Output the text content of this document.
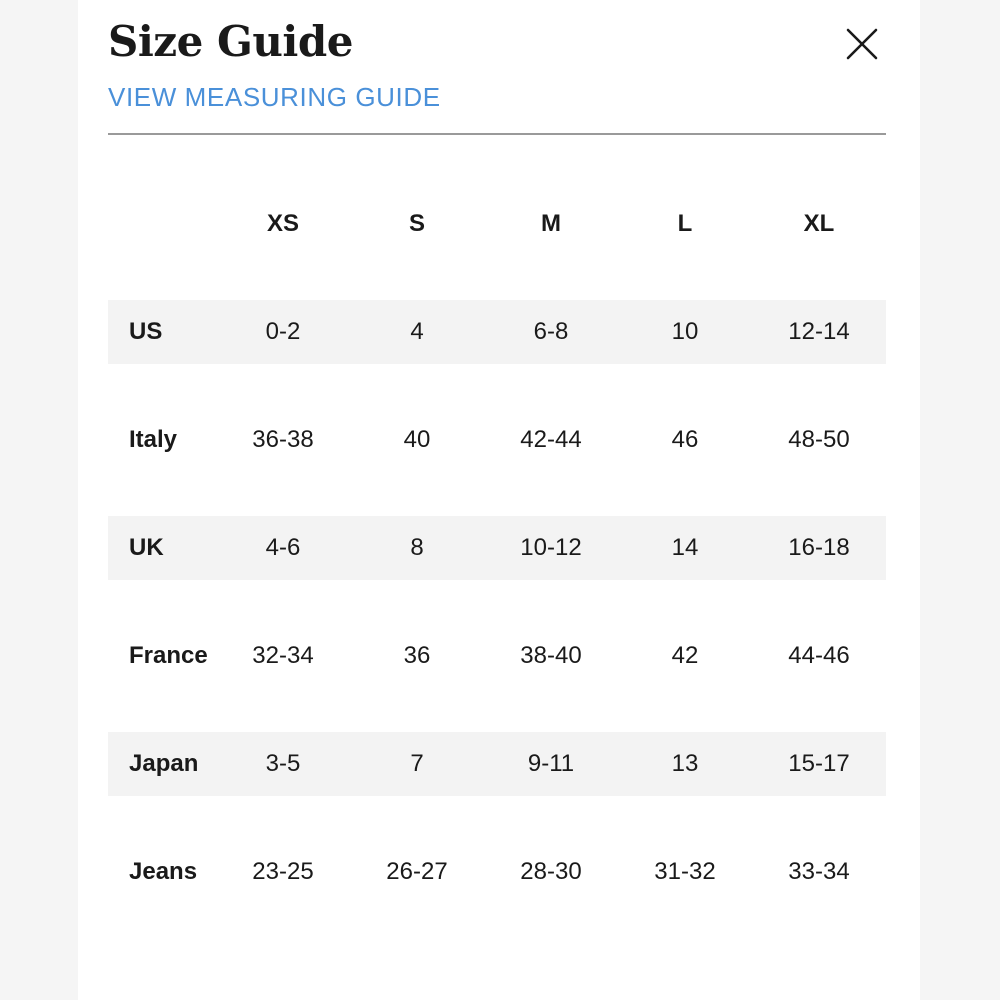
Size Guide
VIEW MEASURING GUIDE
	XS	S	M	L	XL
US	0-2	4	6-8	10	12-14
Italy	36-38	40	42-44	46	48-50
UK	4-6	8	10-12	14	16-18
France	32-34	36	38-40	42	44-46
Japan	3-5	7	9-11	13	15-17
Jeans	23-25	26-27	28-30	31-32	33-34
